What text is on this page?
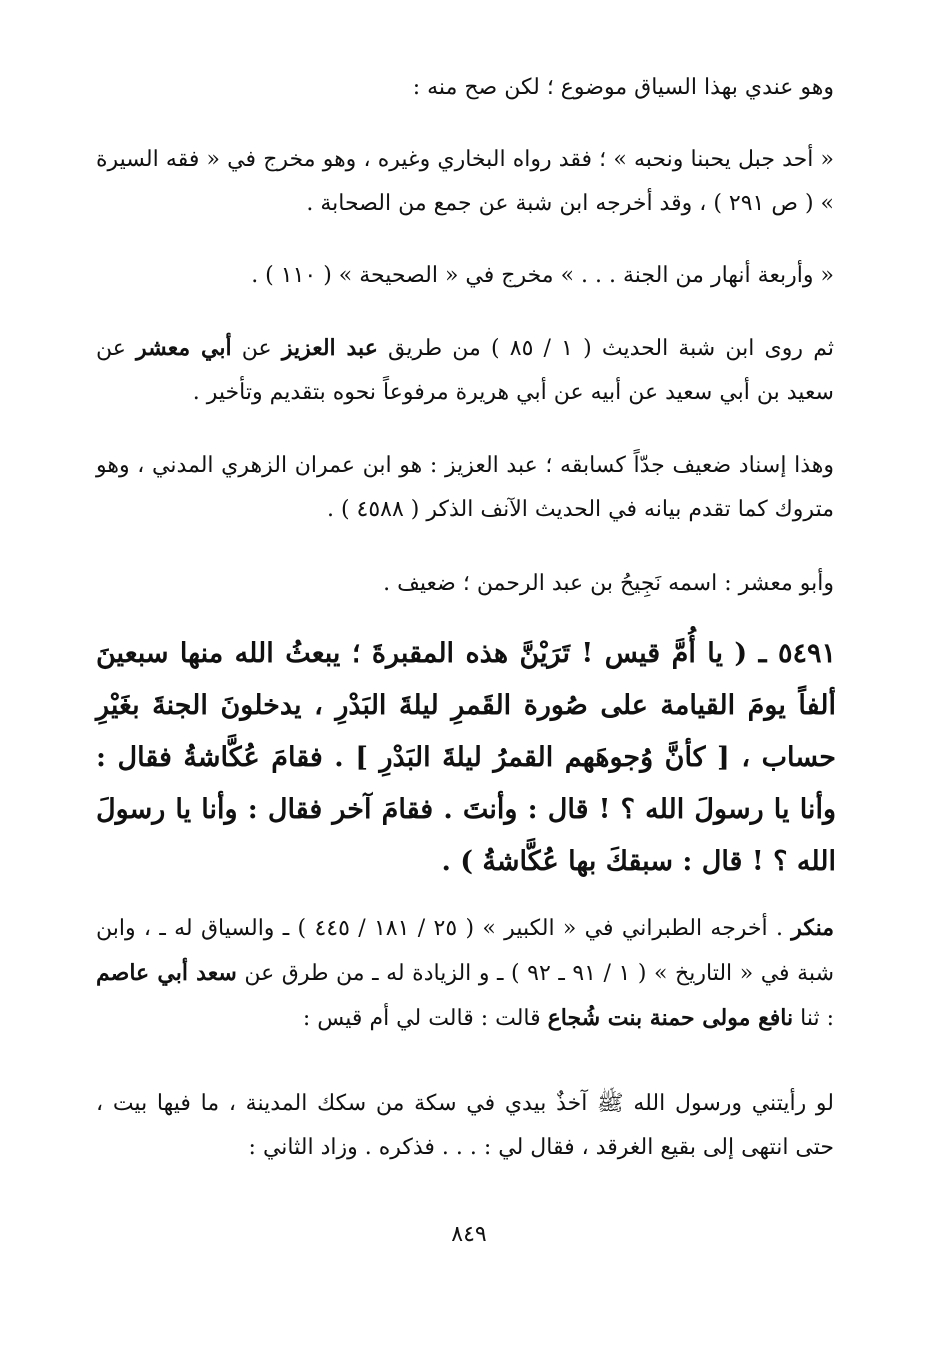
وهو عندي بهذا السياق موضوع ؛ لكن صح منه :

« أحد جبل يحبنا ونحبه » ؛ فقد رواه البخاري وغيره ، وهو مخرج في « فقه السيرة » ( ص ٢٩١ ) ، وقد أخرجه ابن شبة عن جمع من الصحابة .

« وأربعة أنهار من الجنة . . . » مخرج في « الصحيحة » ( ١١٠ ) .

ثم روى ابن شبة الحديث ( ١ / ٨٥ ) من طريق عبد العزيز عن أبي معشر عن سعيد بن أبي سعيد عن أبيه عن أبي هريرة مرفوعاً نحوه بتقديم وتأخير .

وهذا إسناد ضعيف جدّاً كسابقه ؛ عبد العزيز : هو ابن عمران الزهري المدني ، وهو متروك كما تقدم بيانه في الحديث الآنف الذكر ( ٤٥٨٨ ) .

وأبو معشر : اسمه نَجِيحُ بن عبد الرحمن ؛ ضعيف .

٥٤٩١ ـ ( يا أُمَّ قيس ! تَرَيْنَّ هذه المقبرةَ ؛ يبعثُ الله منها سبعينَ ألفاً يومَ القيامة على صُورة القَمرِ ليلةَ البَدْرِ ، يدخلونَ الجنةَ بغَيْرِ حساب ، [ كأنَّ وُجوهَهم القمرُ ليلةَ البَدْرِ ] . فقامَ عُكَّاشةُ فقال : وأنا يا رسولَ الله ؟ ! قال : وأنتَ . فقامَ آخر فقال : وأنا يا رسولَ الله ؟ ! قال : سبقكَ بها عُكَّاشةُ ) .

منكر . أخرجه الطبراني في « الكبير » ( ٢٥ / ١٨١ / ٤٤٥ ) ـ والسياق له ـ ، وابن شبة في « التاريخ » ( ١ / ٩١ ـ ٩٢ ) ـ و الزيادة له ـ من طرق عن سعد أبي عاصم : ثنا نافع مولى حمنة بنت شُجاع قالت : قالت لي أم قيس :

لو رأيتني ورسول الله ﷺ آخذٌ بيدي في سكة من سكك المدينة ، ما فيها بيت ، حتى انتهى إلى بقيع الغرقد ، فقال لي : . . . فذكره . وزاد الثاني :

٨٤٩
